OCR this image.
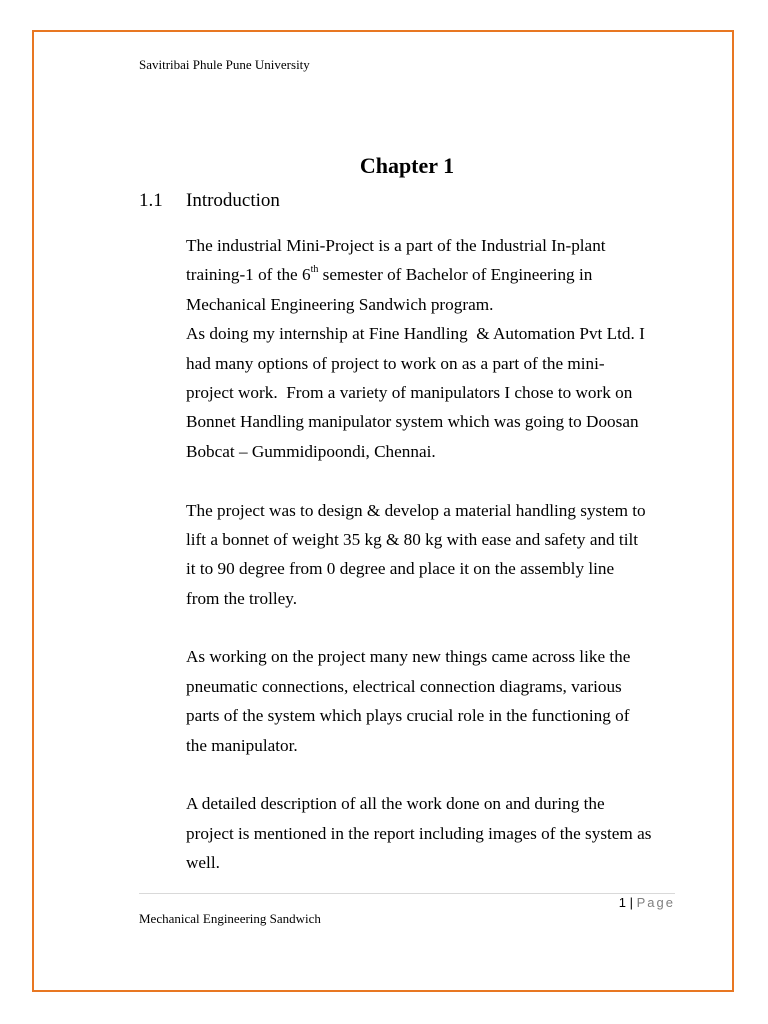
Savitribai Phule Pune University
Chapter 1
1.1 Introduction
The industrial Mini-Project is a part of the Industrial In-plant
training-1 of the 6th semester of Bachelor of Engineering in
Mechanical Engineering Sandwich program.
As doing my internship at Fine Handling  & Automation Pvt Ltd. I
had many options of project to work on as a part of the mini-
project work.  From a variety of manipulators I chose to work on
Bonnet Handling manipulator system which was going to Doosan
Bobcat – Gummidipoondi, Chennai.
The project was to design & develop a material handling system to
lift a bonnet of weight 35 kg & 80 kg with ease and safety and tilt
it to 90 degree from 0 degree and place it on the assembly line
from the trolley.
As working on the project many new things came across like the
pneumatic connections, electrical connection diagrams, various
parts of the system which plays crucial role in the functioning of
the manipulator.
A detailed description of all the work done on and during the
project is mentioned in the report including images of the system as
well.
1 | Page
Mechanical Engineering Sandwich
